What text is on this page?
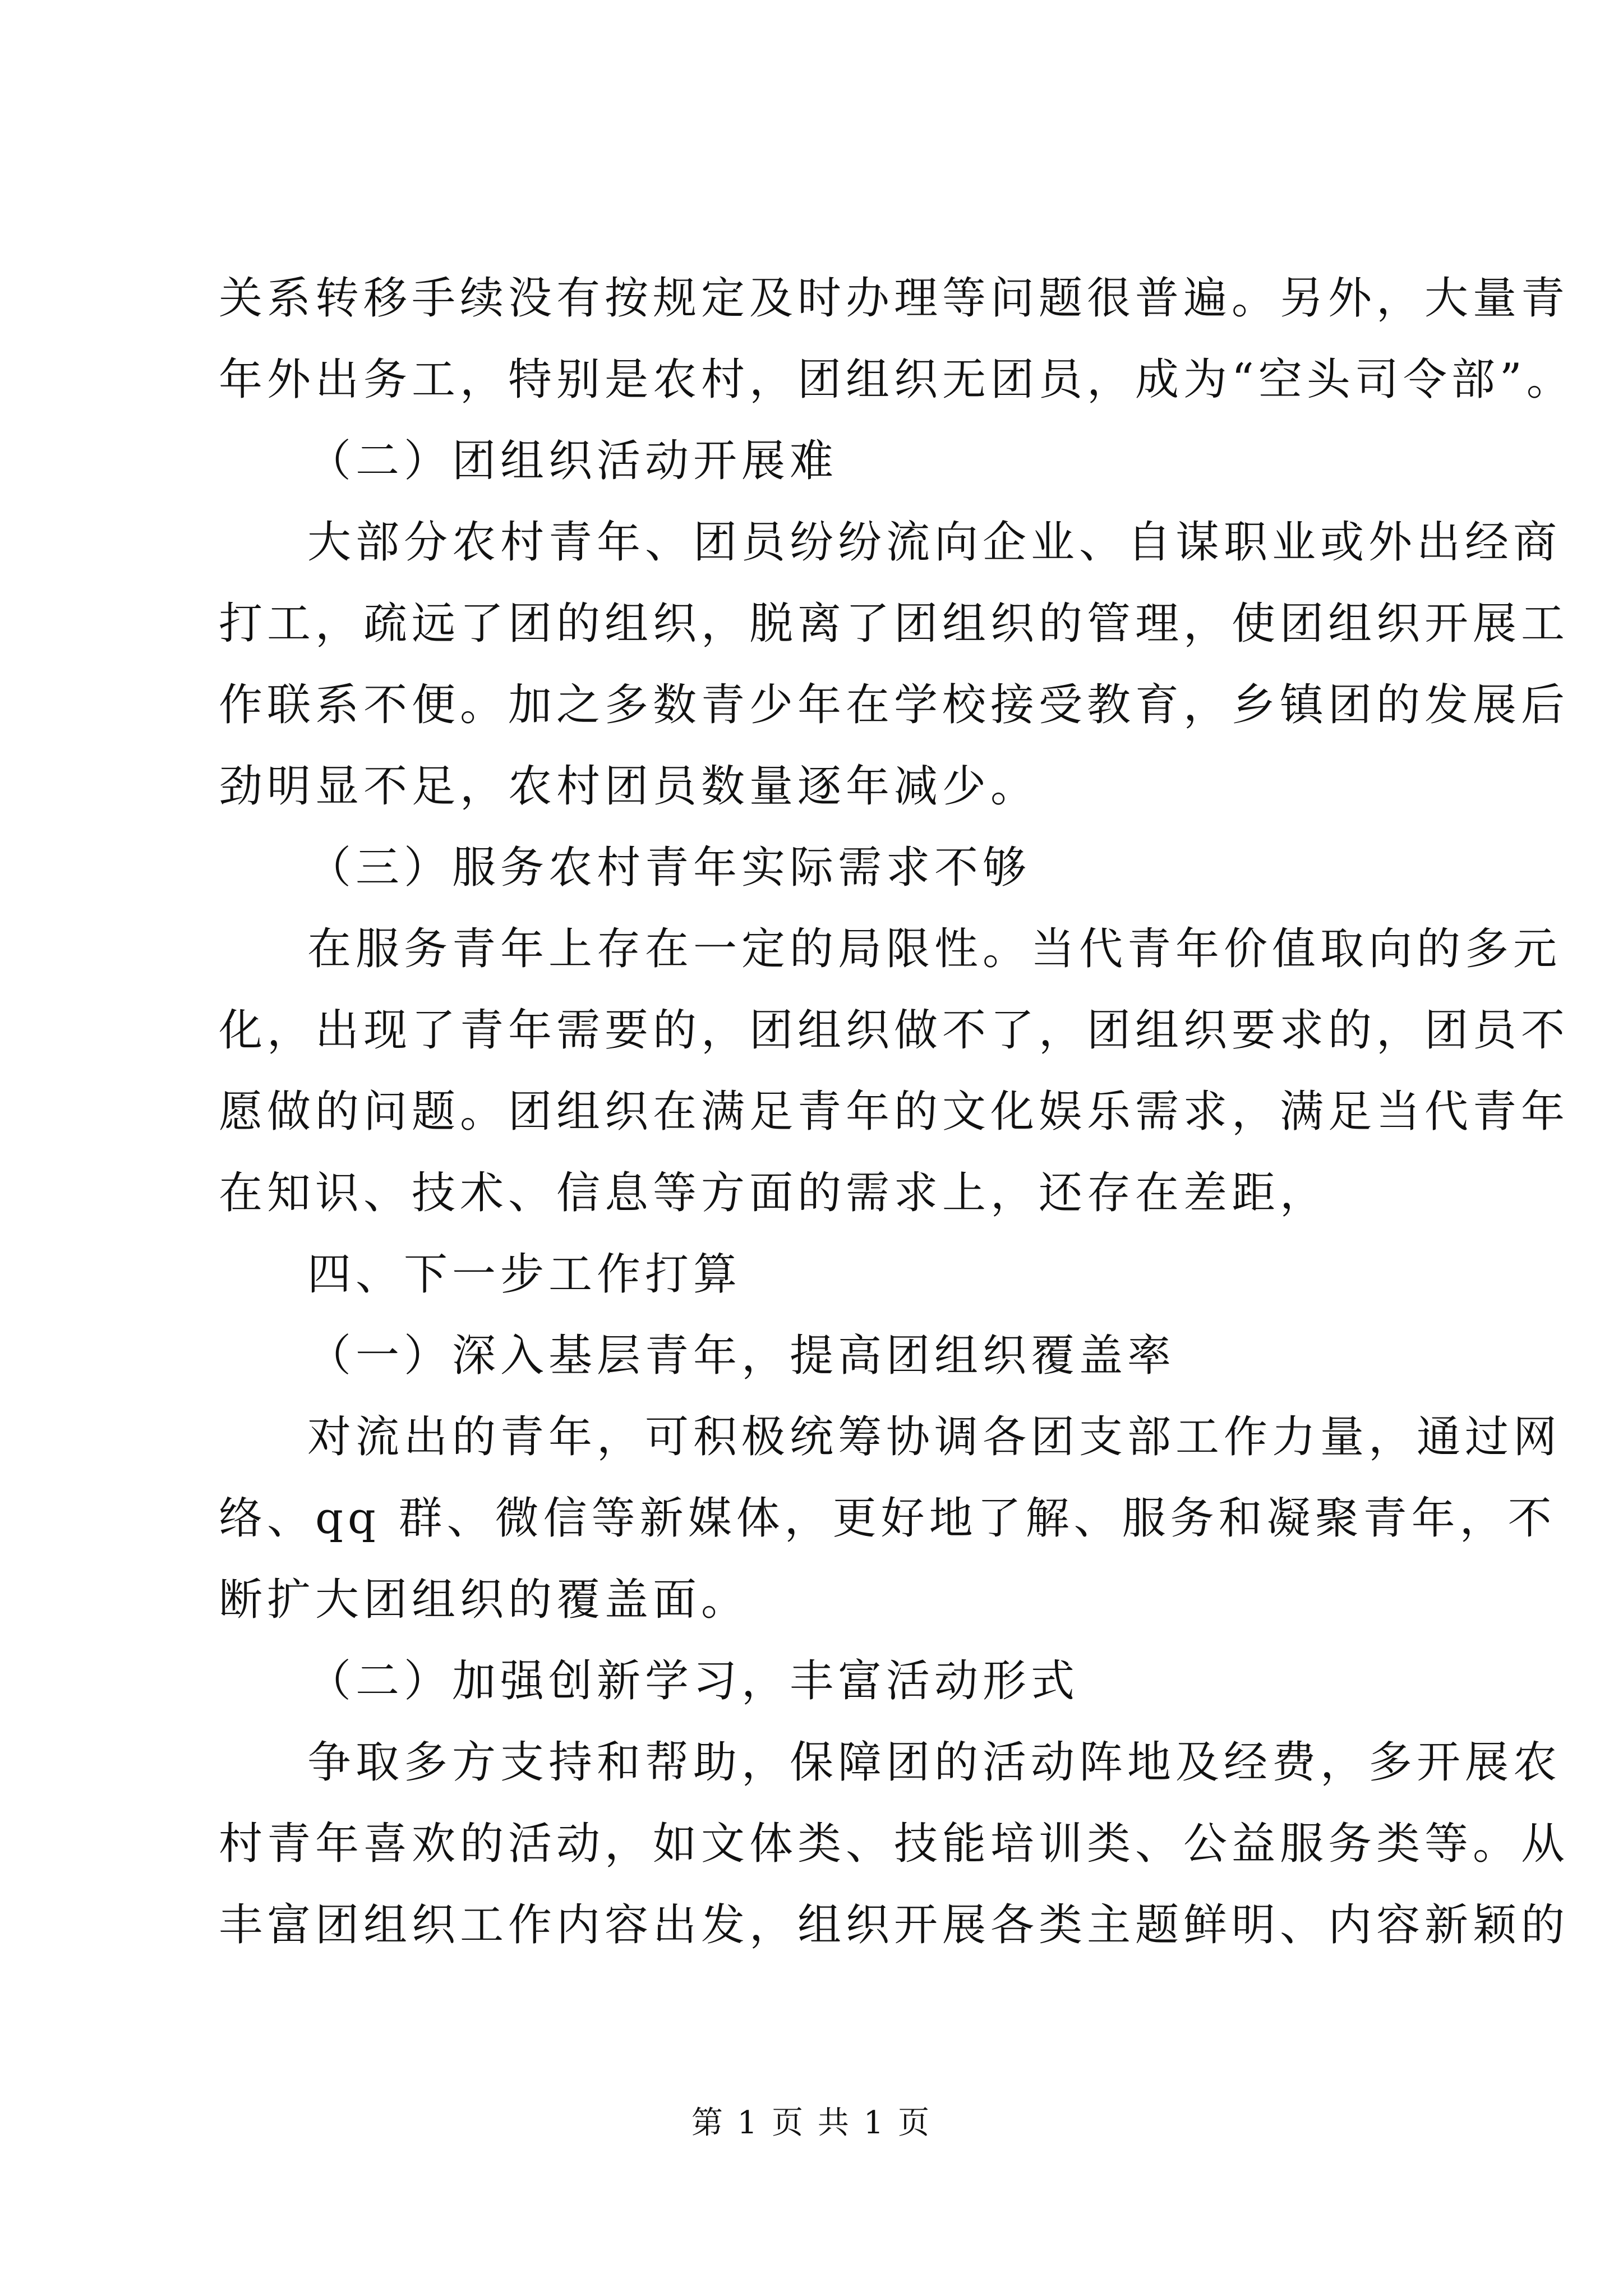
关系转移手续没有按规定及时办理等问题很普遍。另外，大量青
年外出务工，特别是农村，团组织无团员，成为“空头司令部”。
（二）团组织活动开展难
大部分农村青年、团员纷纷流向企业、自谋职业或外出经商
打工，疏远了团的组织，脱离了团组织的管理，使团组织开展工
作联系不便。加之多数青少年在学校接受教育，乡镇团的发展后
劲明显不足，农村团员数量逐年减少。
（三）服务农村青年实际需求不够
在服务青年上存在一定的局限性。当代青年价值取向的多元
化，出现了青年需要的，团组织做不了，团组织要求的，团员不
愿做的问题。团组织在满足青年的文化娱乐需求，满足当代青年
在知识、技术、信息等方面的需求上，还存在差距，
四、下一步工作打算
（一）深入基层青年，提高团组织覆盖率
对流出的青年，可积极统筹协调各团支部工作力量，通过网
络、qq 群、微信等新媒体，更好地了解、服务和凝聚青年，不
断扩大团组织的覆盖面。
（二）加强创新学习，丰富活动形式
争取多方支持和帮助，保障团的活动阵地及经费，多开展农
村青年喜欢的活动，如文体类、技能培训类、公益服务类等。从
丰富团组织工作内容出发，组织开展各类主题鲜明、内容新颖的
第 1 页 共 1 页
